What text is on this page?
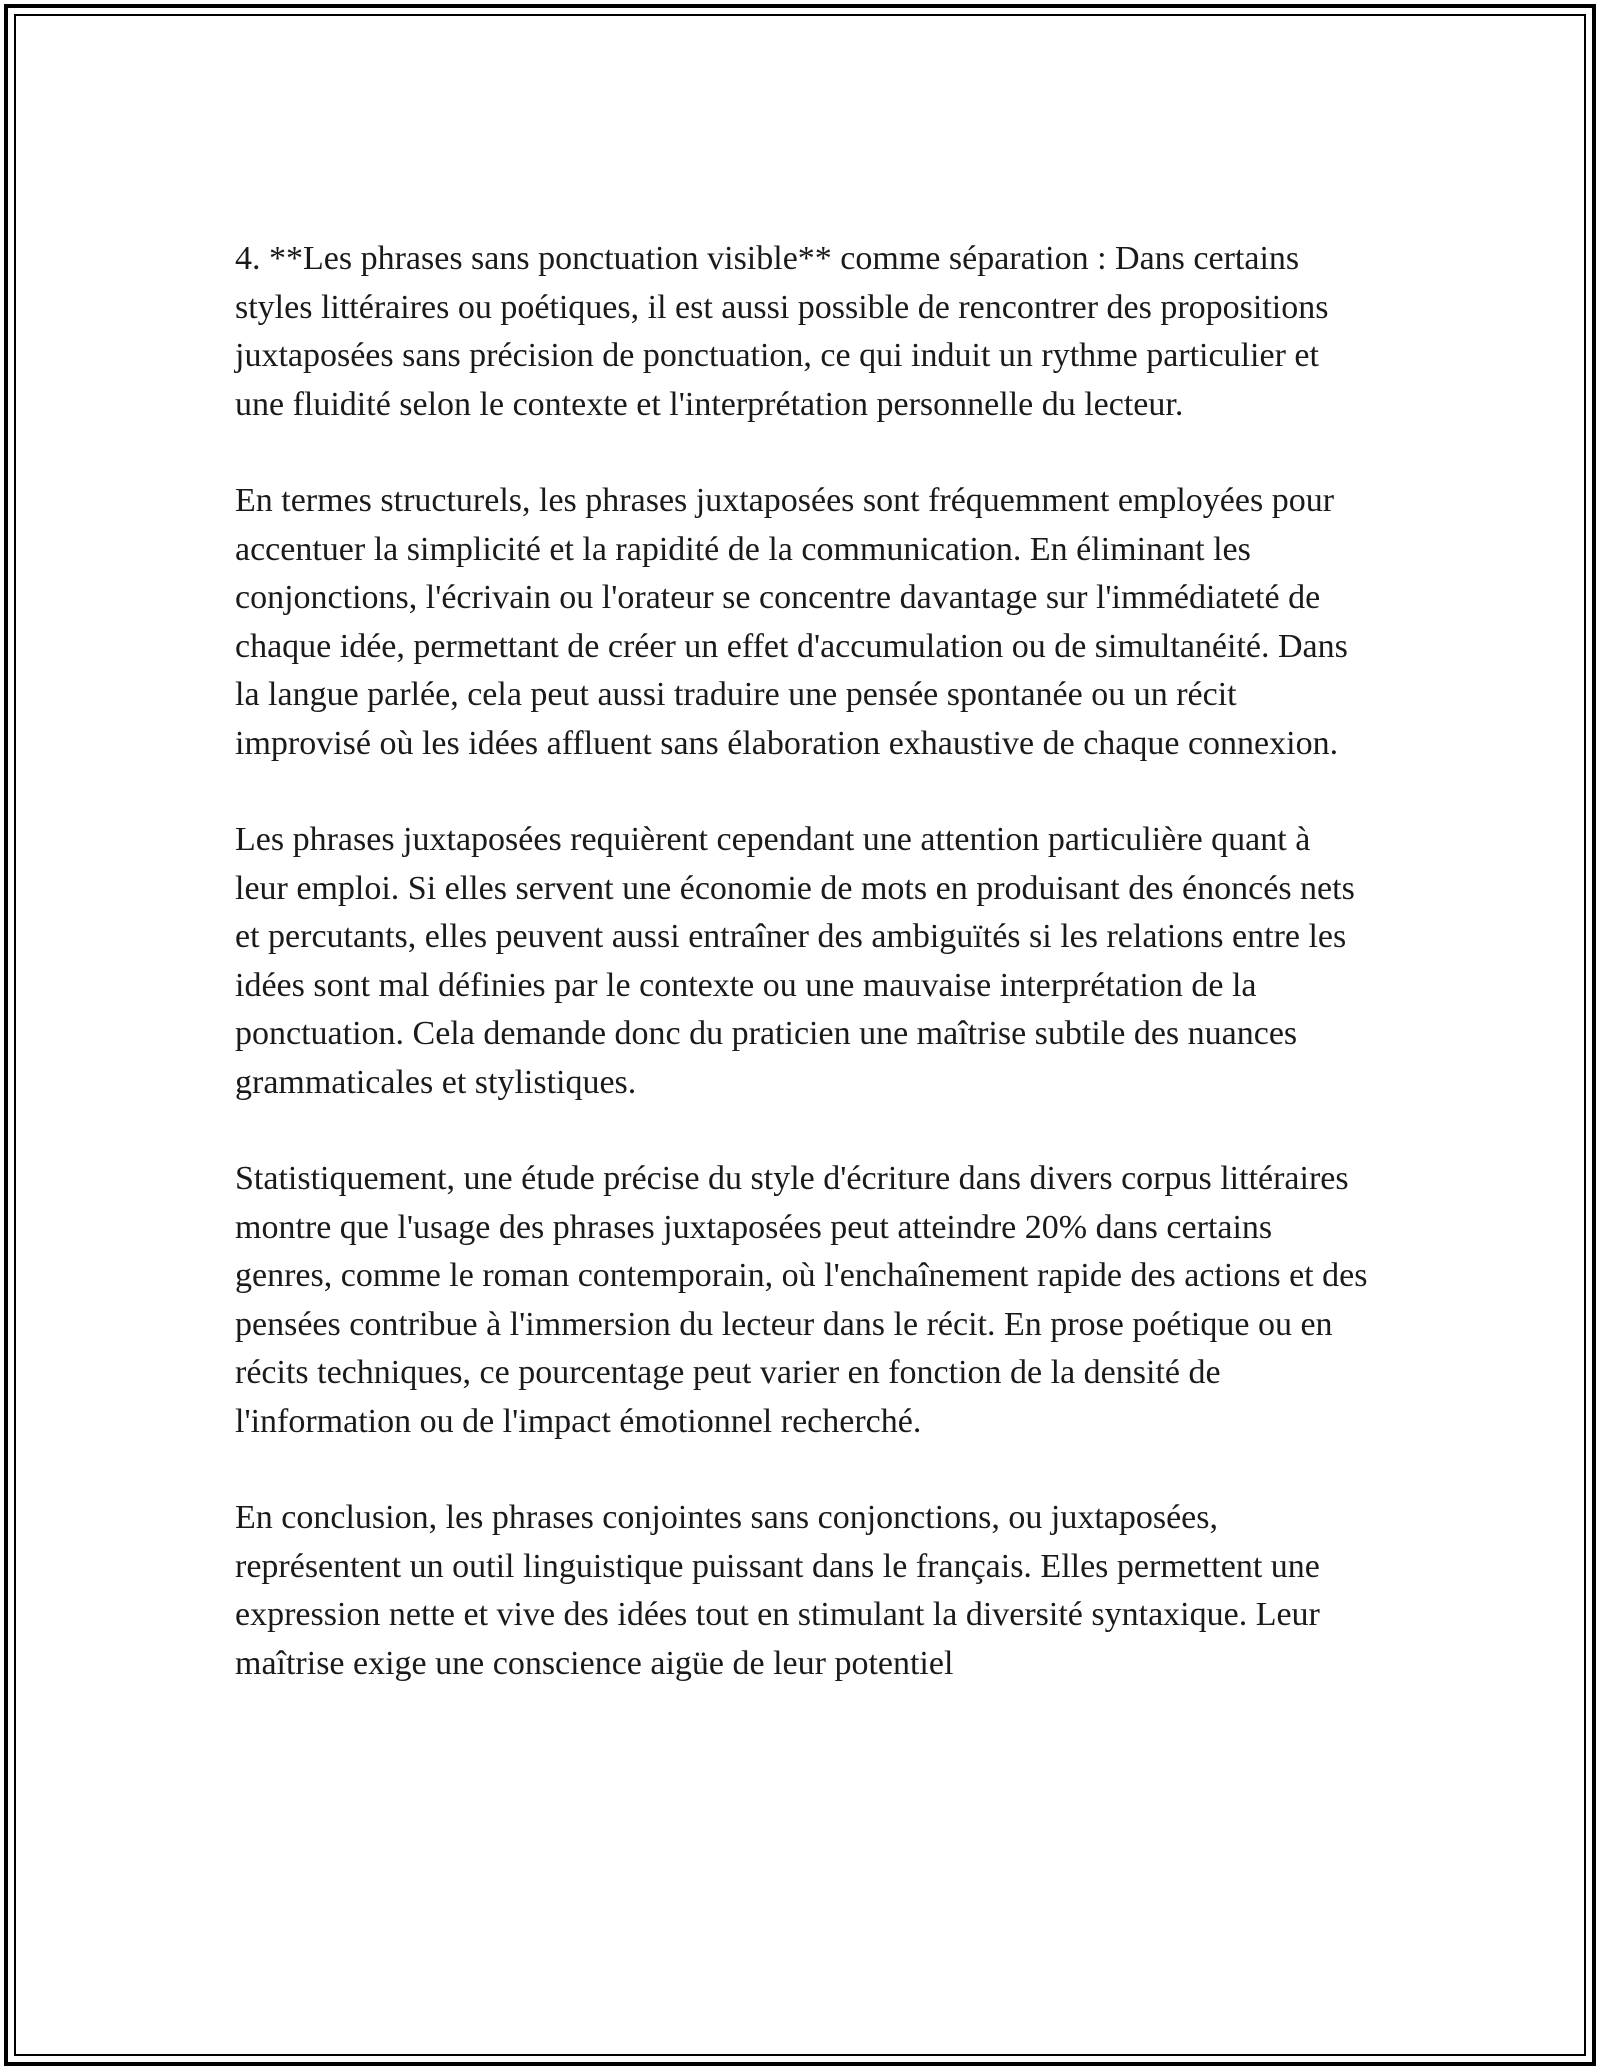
4. **Les phrases sans ponctuation visible** comme séparation : Dans certains styles littéraires ou poétiques, il est aussi possible de rencontrer des propositions juxtaposées sans précision de ponctuation, ce qui induit un rythme particulier et une fluidité selon le contexte et l'interprétation personnelle du lecteur.

En termes structurels, les phrases juxtaposées sont fréquemment employées pour accentuer la simplicité et la rapidité de la communication. En éliminant les conjonctions, l'écrivain ou l'orateur se concentre davantage sur l'immédiateté de chaque idée, permettant de créer un effet d'accumulation ou de simultanéité. Dans la langue parlée, cela peut aussi traduire une pensée spontanée ou un récit improvisé où les idées affluent sans élaboration exhaustive de chaque connexion.

Les phrases juxtaposées requièrent cependant une attention particulière quant à leur emploi. Si elles servent une économie de mots en produisant des énoncés nets et percutants, elles peuvent aussi entraîner des ambiguïtés si les relations entre les idées sont mal définies par le contexte ou une mauvaise interprétation de la ponctuation. Cela demande donc du praticien une maîtrise subtile des nuances grammaticales et stylistiques.

Statistiquement, une étude précise du style d'écriture dans divers corpus littéraires montre que l'usage des phrases juxtaposées peut atteindre 20% dans certains genres, comme le roman contemporain, où l'enchaînement rapide des actions et des pensées contribue à l'immersion du lecteur dans le récit. En prose poétique ou en récits techniques, ce pourcentage peut varier en fonction de la densité de l'information ou de l'impact émotionnel recherché.

En conclusion, les phrases conjointes sans conjonctions, ou juxtaposées, représentent un outil linguistique puissant dans le français. Elles permettent une expression nette et vive des idées tout en stimulant la diversité syntaxique. Leur maîtrise exige une conscience aigüe de leur potentiel
